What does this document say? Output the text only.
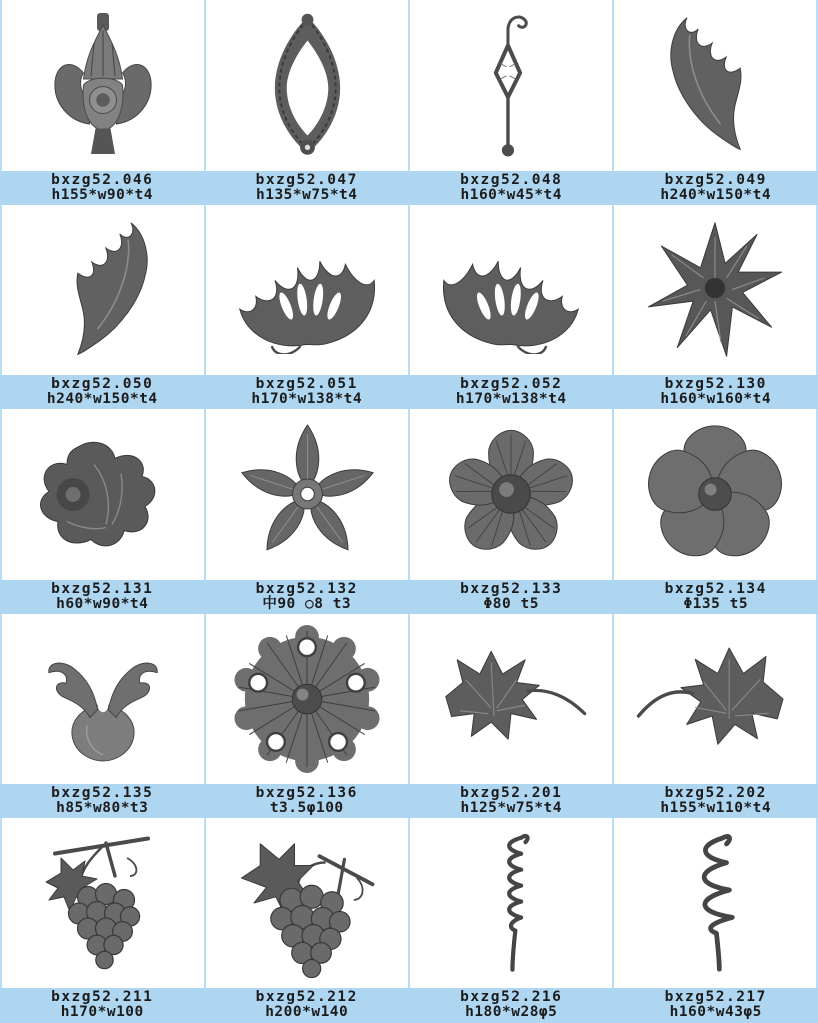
bxzg52.046
h155*w90*t4
bxzg52.047
h135*w75*t4
bxzg52.048
h160*w45*t4
bxzg52.049
h240*w150*t4
bxzg52.050
h240*w150*t4
bxzg52.051
h170*w138*t4
bxzg52.052
h170*w138*t4
bxzg52.130
h160*w160*t4
bxzg52.131
h60*w90*t4
bxzg52.132
中90 ○8 t3
bxzg52.133
Φ80 t5
bxzg52.134
Φ135 t5
bxzg52.135
h85*w80*t3
bxzg52.136
t3.5φ100
bxzg52.201
h125*w75*t4
bxzg52.202
h155*w110*t4
bxzg52.211
h170*w100
bxzg52.212
h200*w140
bxzg52.216
h180*w28φ5
bxzg52.217
h160*w43φ5
